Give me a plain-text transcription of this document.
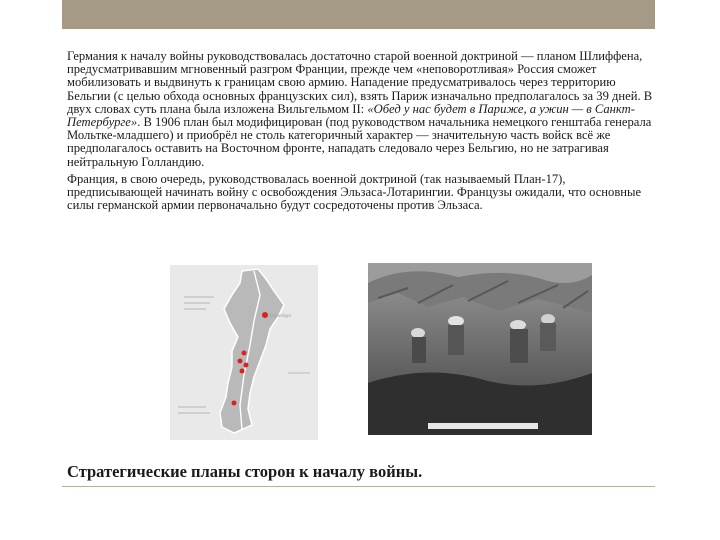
Германия к началу войны руководствовалась достаточно старой военной доктриной — планом Шлиффена, предусматривавшим мгновенный разгром Франции, прежде чем «неповоротливая» Россия сможет мобилизовать и выдвинуть к границам свою армию. Нападение предусматривалось через территорию Бельгии (с целью обхода основных французских сил), взять Париж изначально предполагалось за 39 дней. В двух словах суть плана была изложена Вильгельмом II: «Обед у нас будет в Париже, а ужин — в Санкт-Петербурге». В 1906 план был модифицирован (под руководством начальника немецкого генштаба генерала Мольтке-младшего) и приобрёл не столь категоричный характер — значительную часть войск всё же предполагалось оставить на Восточном фронте, нападать следовало через Бельгию, но не затрагивая нейтральную Голландию.

Франция, в свою очередь, руководствовалась военной доктриной (так называемый План-17), предписывающей начинать войну с освобождения Эльзаса-Лотарингии. Французы ожидали, что основные силы германской армии первоначально будут сосредоточены против Эльзаса.

Страсбург
Стратегические планы сторон к началу войны.
